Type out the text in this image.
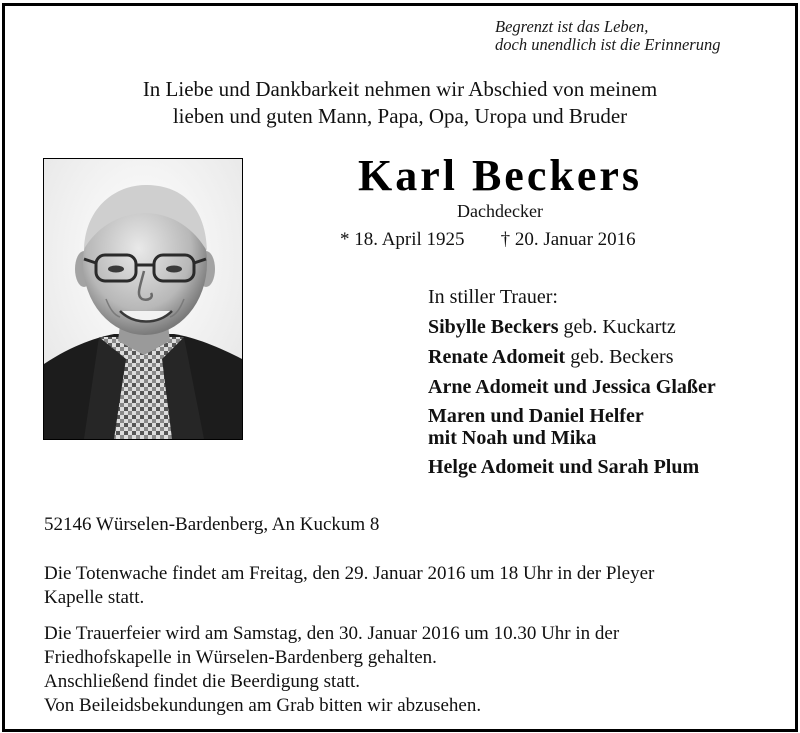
Begrenzt ist das Leben,
doch unendlich ist die Erinnerung
In Liebe und Dankbarkeit nehmen wir Abschied von meinem
lieben und guten Mann, Papa, Opa, Uropa und Bruder
Karl Beckers
Dachdecker
* 18. April 1925 † 20. Januar 2016
In stiller Trauer:
Sibylle Beckers geb. Kuckartz
Renate Adomeit geb. Beckers
Arne Adomeit und Jessica Glaßer
Maren und Daniel Helfer
mit Noah und Mika
Helge Adomeit und Sarah Plum
52146 Würselen-Bardenberg, An Kuckum 8
Die Totenwache findet am Freitag, den 29. Januar 2016 um 18 Uhr in der Pleyer
Kapelle statt.
Die Trauerfeier wird am Samstag, den 30. Januar 2016 um 10.30 Uhr in der
Friedhofskapelle in Würselen-Bardenberg gehalten.
Anschließend findet die Beerdigung statt.
Von Beileidsbekundungen am Grab bitten wir abzusehen.
